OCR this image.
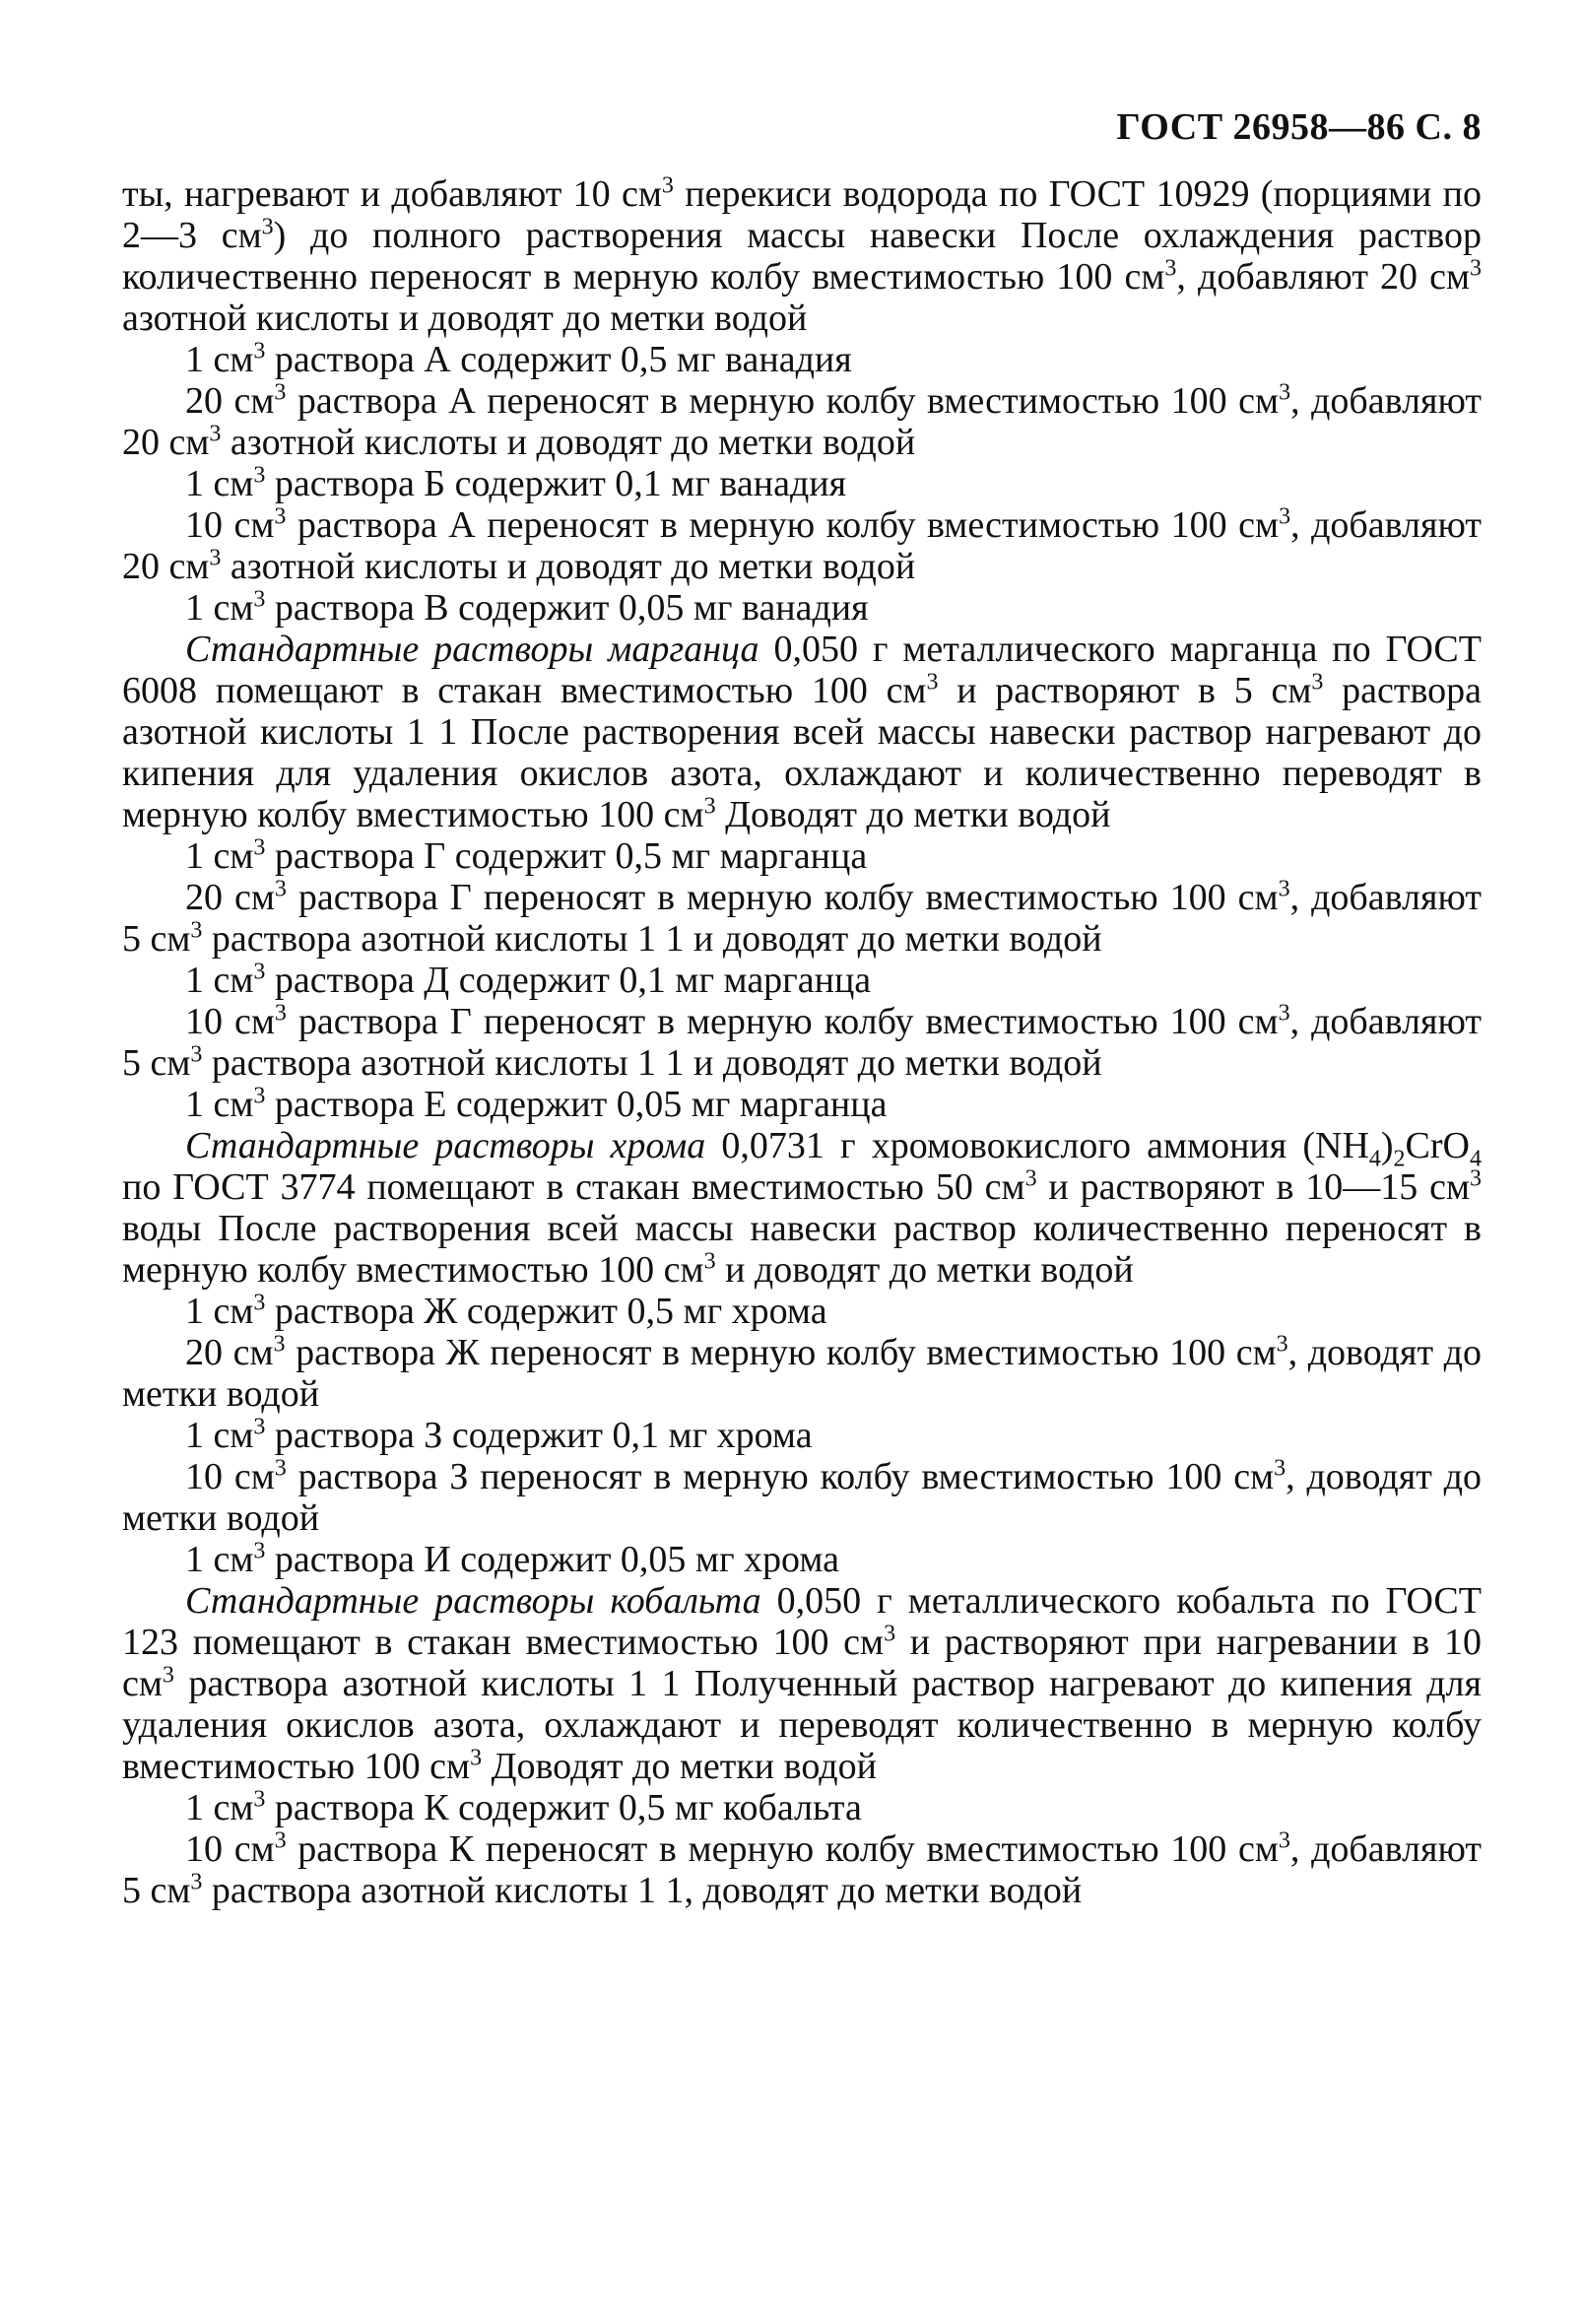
ГОСТ 26958—86 С. 8

ты, нагревают и добавляют 10 $см^3$ перекиси водорода по ГОСТ 10929 (порциями по 2—3 $см^3$) до полного растворения массы навески После охлаждения раствор количественно переносят в мерную колбу вместимостью 100 $см^3$, добавляют 20 $см^3$ азотной кислоты и доводят до метки водой

1 $см^3$ раствора А содержит 0,5 мг ванадия

20 $см^3$ раствора А переносят в мерную колбу вместимостью 100 $см^3$, добавляют 20 $см^3$ азотной кислоты и доводят до метки водой

1 $см^3$ раствора Б содержит 0,1 мг ванадия

10 $см^3$ раствора А переносят в мерную колбу вместимостью 100 $см^3$, добавляют 20 $см^3$ азотной кислоты и доводят до метки водой

1 $см^3$ раствора В содержит 0,05 мг ванадия

Стандартные растворы марганца 0,050 г металлического марганца по ГОСТ 6008 помещают в стакан вместимостью 100 $см^3$ и растворяют в 5 $см^3$ раствора азотной кислоты 1 1 После растворения всей массы навески раствор нагревают до кипения для удаления окислов азота, охлаждают и количественно переводят в мерную колбу вместимостью 100 $см^3$ Доводят до метки водой

1 $см^3$ раствора Г содержит 0,5 мг марганца

20 $см^3$ раствора Г переносят в мерную колбу вместимостью 100 $см^3$, добавляют 5 $см^3$ раствора азотной кислоты 1 1 и доводят до метки водой

1 $см^3$ раствора Д содержит 0,1 мг марганца

10 $см^3$ раствора Г переносят в мерную колбу вместимостью 100 $см^3$, добавляют 5 $см^3$ раствора азотной кислоты 1 1 и доводят до метки водой

1 $см^3$ раствора Е содержит 0,05 мг марганца

Стандартные растворы хрома 0,0731 г хромовокислого аммония $(NH_4)_2CrO_4$ по ГОСТ 3774 помещают в стакан вместимостью 50 $см^3$ и растворяют в 10—15 $см^3$ воды После растворения всей массы навески раствор количественно переносят в мерную колбу вместимостью 100 $см^3$ и доводят до метки водой

1 $см^3$ раствора Ж содержит 0,5 мг хрома

20 $см^3$ раствора Ж переносят в мерную колбу вместимостью 100 $см^3$, доводят до метки водой

1 $см^3$ раствора З содержит 0,1 мг хрома

10 $см^3$ раствора З переносят в мерную колбу вместимостью 100 $см^3$, доводят до метки водой

1 $см^3$ раствора И содержит 0,05 мг хрома

Стандартные растворы кобальта 0,050 г металлического кобальта по ГОСТ 123 помещают в стакан вместимостью 100 $см^3$ и растворяют при нагревании в 10 $см^3$ раствора азотной кислоты 1 1 Полученный раствор нагревают до кипения для удаления окислов азота, охлаждают и переводят количественно в мерную колбу вместимостью 100 $см^3$ Доводят до метки водой

1 $см^3$ раствора К содержит 0,5 мг кобальта

10 $см^3$ раствора К переносят в мерную колбу вместимостью 100 $см^3$, добавляют 5 $см^3$ раствора азотной кислоты 1 1, доводят до метки водой
